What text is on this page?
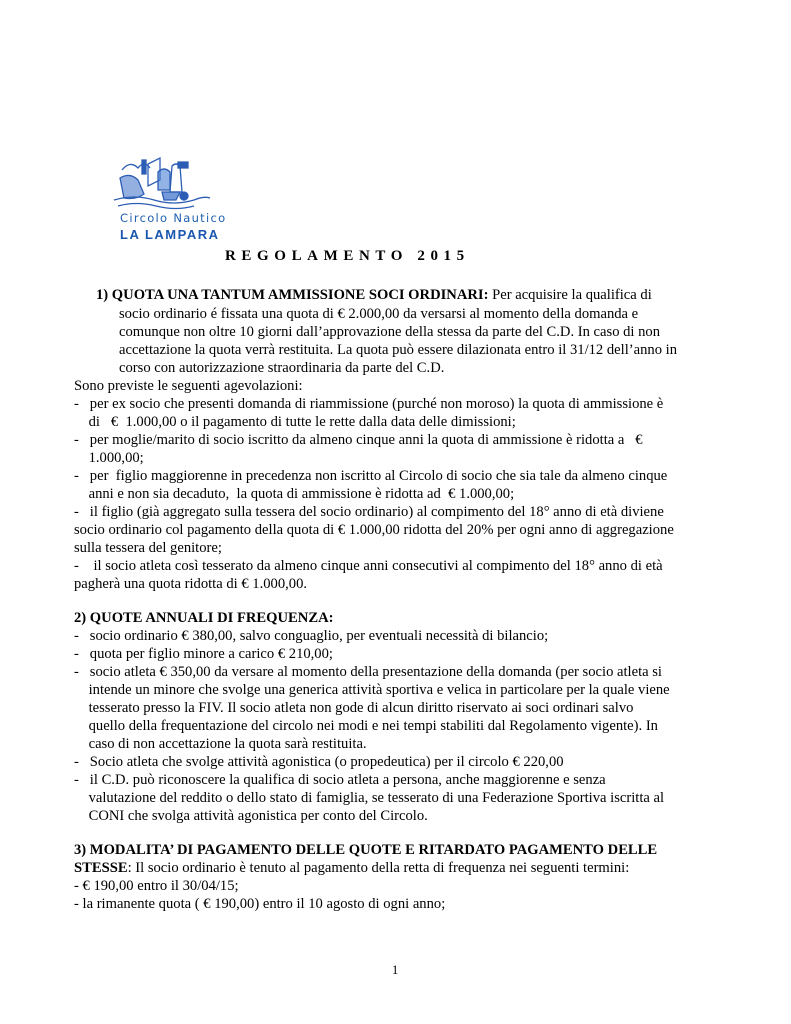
Circolo Nautico
LA LAMPARA
REGOLAMENTO 2015
1) QUOTA UNA TANTUM AMMISSIONE SOCI ORDINARI: Per acquisire la qualifica di
socio ordinario é fissata una quota di € 2.000,00 da versarsi al momento della domanda e
comunque non oltre 10 giorni dall’approvazione della stessa da parte del C.D. In caso di non
accettazione la quota verrà restituita. La quota può essere dilazionata entro il 31/12 dell’anno in
corso con autorizzazione straordinaria da parte del C.D.
Sono previste le seguenti agevolazioni:
-   per ex socio che presenti domanda di riammissione (purché non moroso) la quota di ammissione è
di   €  1.000,00 o il pagamento di tutte le rette dalla data delle dimissioni;
-   per moglie/marito di socio iscritto da almeno cinque anni la quota di ammissione è ridotta a   €
1.000,00;
-   per  figlio maggiorenne in precedenza non iscritto al Circolo di socio che sia tale da almeno cinque
anni e non sia decaduto,  la quota di ammissione è ridotta ad  € 1.000,00;
-   il figlio (già aggregato sulla tessera del socio ordinario) al compimento del 18° anno di età diviene
socio ordinario col pagamento della quota di € 1.000,00 ridotta del 20% per ogni anno di aggregazione
sulla tessera del genitore;
-    il socio atleta così tesserato da almeno cinque anni consecutivi al compimento del 18° anno di età
pagherà una quota ridotta di € 1.000,00.
2) QUOTE ANNUALI DI FREQUENZA:
-   socio ordinario € 380,00, salvo conguaglio, per eventuali necessità di bilancio;
-   quota per figlio minore a carico € 210,00;
-   socio atleta € 350,00 da versare al momento della presentazione della domanda (per socio atleta si
intende un minore che svolge una generica attività sportiva e velica in particolare per la quale viene
tesserato presso la FIV. Il socio atleta non gode di alcun diritto riservato ai soci ordinari salvo
quello della frequentazione del circolo nei modi e nei tempi stabiliti dal Regolamento vigente). In
caso di non accettazione la quota sarà restituita.
-   Socio atleta che svolge attività agonistica (o propedeutica) per il circolo € 220,00
-   il C.D. può riconoscere la qualifica di socio atleta a persona, anche maggiorenne e senza
valutazione del reddito o dello stato di famiglia, se tesserato di una Federazione Sportiva iscritta al
CONI che svolga attività agonistica per conto del Circolo.
3) MODALITA’ DI PAGAMENTO DELLE QUOTE E RITARDATO PAGAMENTO DELLE
STESSE: Il socio ordinario è tenuto al pagamento della retta di frequenza nei seguenti termini:
- € 190,00 entro il 30/04/15;
- la rimanente quota ( € 190,00) entro il 10 agosto di ogni anno;
1
